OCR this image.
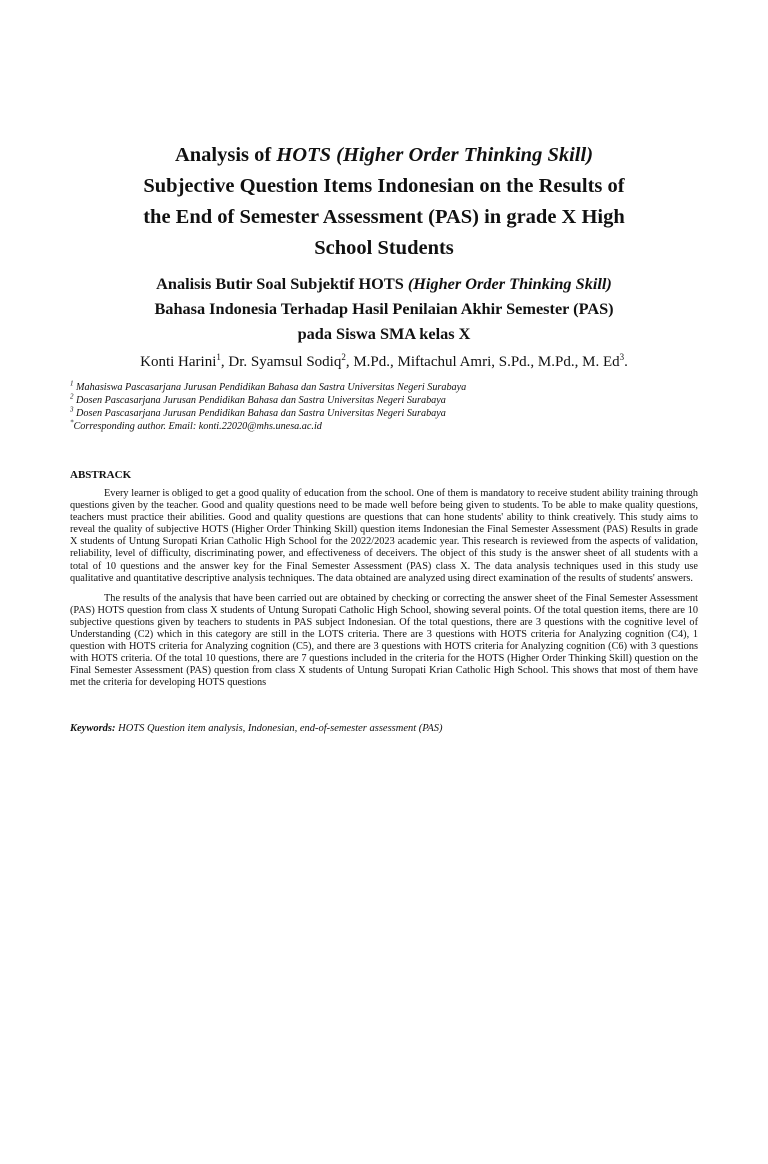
Analysis of HOTS (Higher Order Thinking Skill)
Subjective Question Items Indonesian on the Results of
the End of Semester Assessment (PAS) in grade X High
School Students
Analisis Butir Soal Subjektif HOTS (Higher Order Thinking Skill)
Bahasa Indonesia Terhadap Hasil Penilaian Akhir Semester (PAS)
pada Siswa SMA kelas X
Konti Harini$^1$, Dr. Syamsul Sodiq$^2$, M.Pd., Miftachul Amri, S.Pd., M.Pd., M. Ed$^3$.
$^1$ Mahasiswa Pascasarjana Jurusan Pendidikan Bahasa dan Sastra Universitas Negeri Surabaya
$^2$ Dosen Pascasarjana Jurusan Pendidikan Bahasa dan Sastra Universitas Negeri Surabaya
$^3$ Dosen Pascasarjana Jurusan Pendidikan Bahasa dan Sastra Universitas Negeri Surabaya
*Corresponding author. Email: konti.22020@mhs.unesa.ac.id
ABSTRACK

Every learner is obliged to get a good quality of education from the school. One of them is mandatory to receive student ability training through questions given by the teacher. Good and quality questions need to be made well before being given to students. To be able to make quality questions, teachers must practice their abilities. Good and quality questions are questions that can hone students' ability to think creatively. This study aims to reveal the quality of subjective HOTS (Higher Order Thinking Skill) question items Indonesian the Final Semester Assessment (PAS) Results in grade X students of Untung Suropati Krian Catholic High School for the 2022/2023 academic year. This research is reviewed from the aspects of validation, reliability, level of difficulty, discriminating power, and effectiveness of deceivers. The object of this study is the answer sheet of all students with a total of 10 questions and the answer key for the Final Semester Assessment (PAS) class X. The data analysis techniques used in this study use qualitative and quantitative descriptive analysis techniques. The data obtained are analyzed using direct examination of the results of students' answers.

The results of the analysis that have been carried out are obtained by checking or correcting the answer sheet of the Final Semester Assessment (PAS) HOTS question from class X students of Untung Suropati Catholic High School, showing several points. Of the total question items, there are 10 subjective questions given by teachers to students in PAS subject Indonesian. Of the total questions, there are 3 questions with the cognitive level of Understanding (C2) which in this category are still in the LOTS criteria. There are 3 questions with HOTS criteria for Analyzing cognition (C4), 1 question with HOTS criteria for Analyzing cognition (C5), and there are 3 questions with HOTS criteria for Analyzing cognition (C6) with 3 questions with HOTS criteria. Of the total 10 questions, there are 7 questions included in the criteria for the HOTS (Higher Order Thinking Skill) question on the Final Semester Assessment (PAS) question from class X students of Untung Suropati Krian Catholic High School. This shows that most of them have met the criteria for developing HOTS questions

Keywords: HOTS Question item analysis, Indonesian, end-of-semester assessment (PAS)
